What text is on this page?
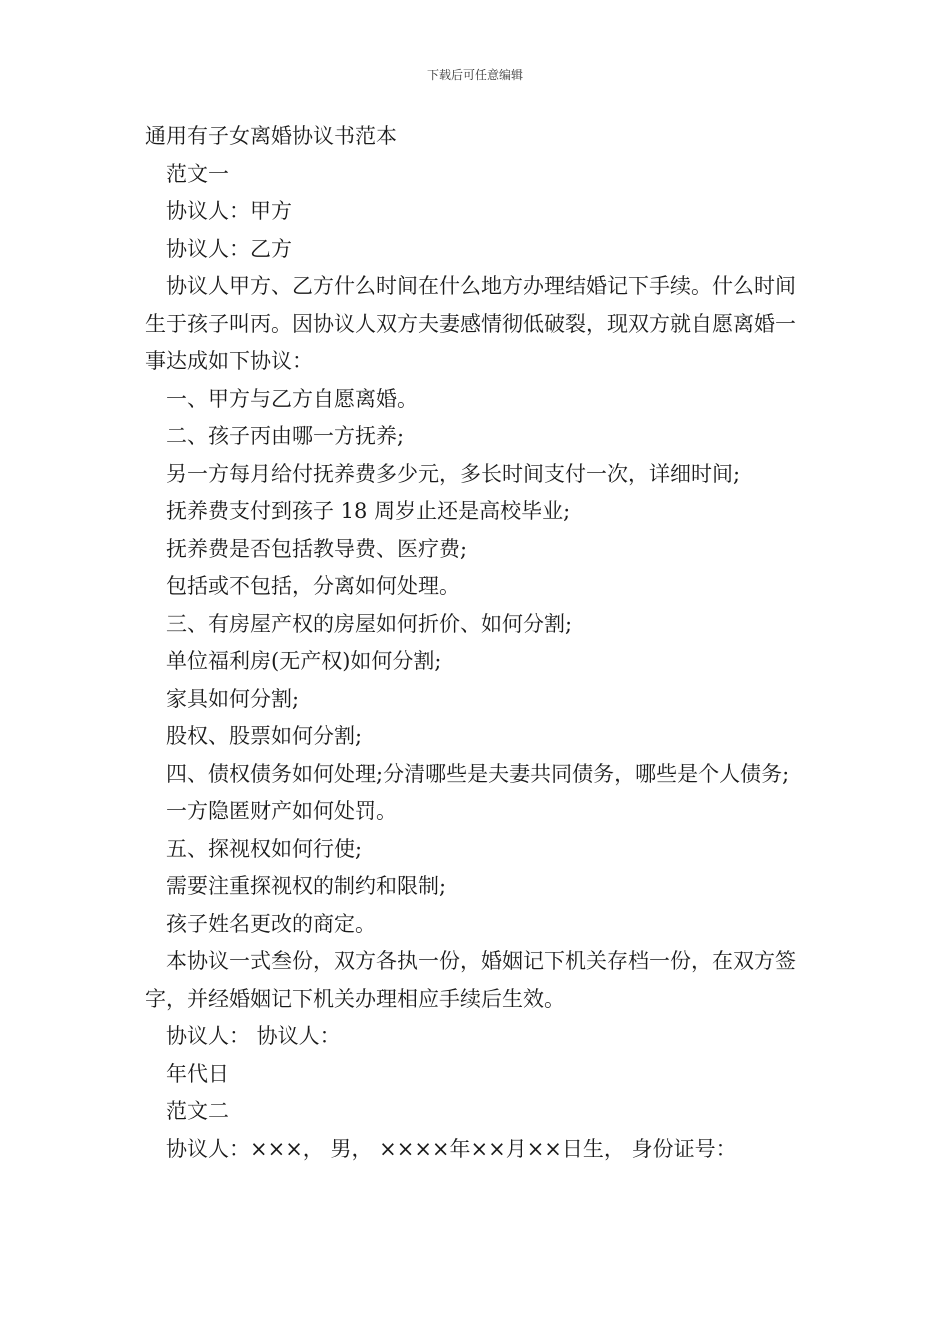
下载后可任意编辑
通用有子女离婚协议书范本
范文一
协议人：甲方
协议人：乙方
协议人甲方、乙方什么时间在什么地方办理结婚记下手续。什么时间生于孩子叫丙。因协议人双方夫妻感情彻低破裂，现双方就自愿离婚一事达成如下协议：
一、甲方与乙方自愿离婚。
二、孩子丙由哪一方抚养;
另一方每月给付抚养费多少元，多长时间支付一次，详细时间;
抚养费支付到孩子 18 周岁止还是高校毕业;
抚养费是否包括教导费、医疗费;
包括或不包括，分离如何处理。
三、有房屋产权的房屋如何折价、如何分割;
单位福利房(无产权)如何分割;
家具如何分割;
股权、股票如何分割;
四、债权债务如何处理;分清哪些是夫妻共同债务，哪些是个人债务;
一方隐匿财产如何处罚。
五、探视权如何行使;
需要注重探视权的制约和限制;
孩子姓名更改的商定。
本协议一式叁份，双方各执一份，婚姻记下机关存档一份，在双方签字，并经婚姻记下机关办理相应手续后生效。
协议人： 协议人：
年代日
范文二
协议人：×××， 男， ××××年××月××日生， 身份证号：
